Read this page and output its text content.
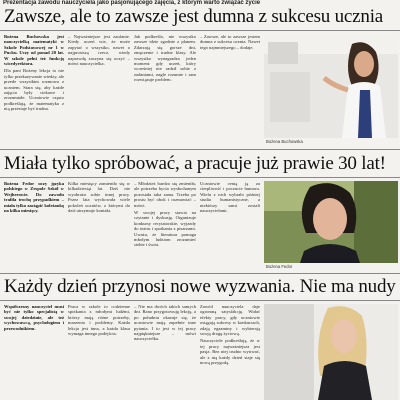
Prezentacja zawodu nauczyciela jako pasjonującego zajęcia, z którym warto związać życie
Zawsze, ale to zawsze jest dumna z sukcesu ucznia

Bożena Buchowska jest nauczycielką matematyki w Szkole Podstawowej nr 1 w Pucku. Uczy od ponad 20 lat. W szkole pełni też funkcję wicedyrektora.

Dla pani Bożeny lekcja to nie tylko przekazywanie wiedzy, ale przede wszystkim rozmowa z uczniem. Stara się, aby każde zajęcia były ciekawe i zrozumiałe. Uczniowie często podkreślają, że matematyka z nią przestaje być trudna.

– Najważniejsze jest zaufanie. Kiedy uczeń wie, że może zapytać o wszystko, nawet o najprostszą rzecz, wtedy naprawdę zaczyna się uczyć – mówi nauczycielka.

Jak podkreśla, nie wszystko zawsze idzie zgodnie z planem. Zdarzają się gorsze dni, zmęczenie i trudne klasy. Ale wszystko wynagradza jeden moment: gdy uczeń, który wcześniej nie radził sobie z zadaniami, nagle rozumie i sam rozwiązuje problem.

– Zawsze, ale to zawsze jestem dumna z sukcesu ucznia. Nawet tego najmniejszego – dodaje.

Bożena Buchowska
Miała tylko spróbować, a pracuje już prawie 30 lat!

Bożena Fedor uczy języka polskiego w Zespole Szkół w Wejherowie. Do zawodu trafiła trochę przypadkiem – miała tylko zastąpić koleżankę na kilka miesięcy.

Kilka miesięcy zamieniło się w kilkadziesiąt lat. Dziś nie wyobraża sobie innej pracy. Przez lata wychowała wiele pokoleń uczniów, z którymi do dziś utrzymuje kontakt.

– Młodzież bardzo się zmieniła, ale potrzeba bycia wysłuchanym pozostała taka sama. Trzeba po prostu być obok i rozmawiać – mówi.

W swojej pracy stawia na czytanie i dyskusję. Organizuje konkursy recytatorskie, wyjazdy do teatru i spotkania z pisarzami. Uważa, że literatura pomaga młodym ludziom zrozumieć siebie i świat.

Uczniowie cenią ją za cierpliwość i poczucie humoru. Wielu z nich wybrało później studia humanistyczne, a niektórzy sami zostali nauczycielami.

Bożena Fedor
Każdy dzień przynosi nowe wyzwania. Nie ma nudy

Współczesny nauczyciel musi być nie tylko specjalistą w swojej dziedzinie, ale też wychowawcą, psychologiem i przewodnikiem.

Praca w szkole to codzienne spotkania z młodymi ludźmi, którzy mają różne potrzeby, marzenia i problemy. Każda lekcja jest inna, a każda klasa wymaga innego podejścia.

– Nie ma dwóch takich samych dni. Rano przygotowuję lekcję, a po południu okazuje się, że uczniowie mają zupełnie inne pytania. I to jest w tej pracy najpiękniejsze – mówi nauczycielka.

Zawód nauczyciela daje ogromną satysfakcję. Widać efekty pracy, gdy uczniowie osiągają sukcesy w konkursach, zdają egzaminy i wybierają swoją drogę życiową.

Nauczyciele podkreślają, że w tej pracy najważniejsza jest pasja. Bez niej trudno wytrwać, ale z nią każdy dzień staje się nową przygodą.
